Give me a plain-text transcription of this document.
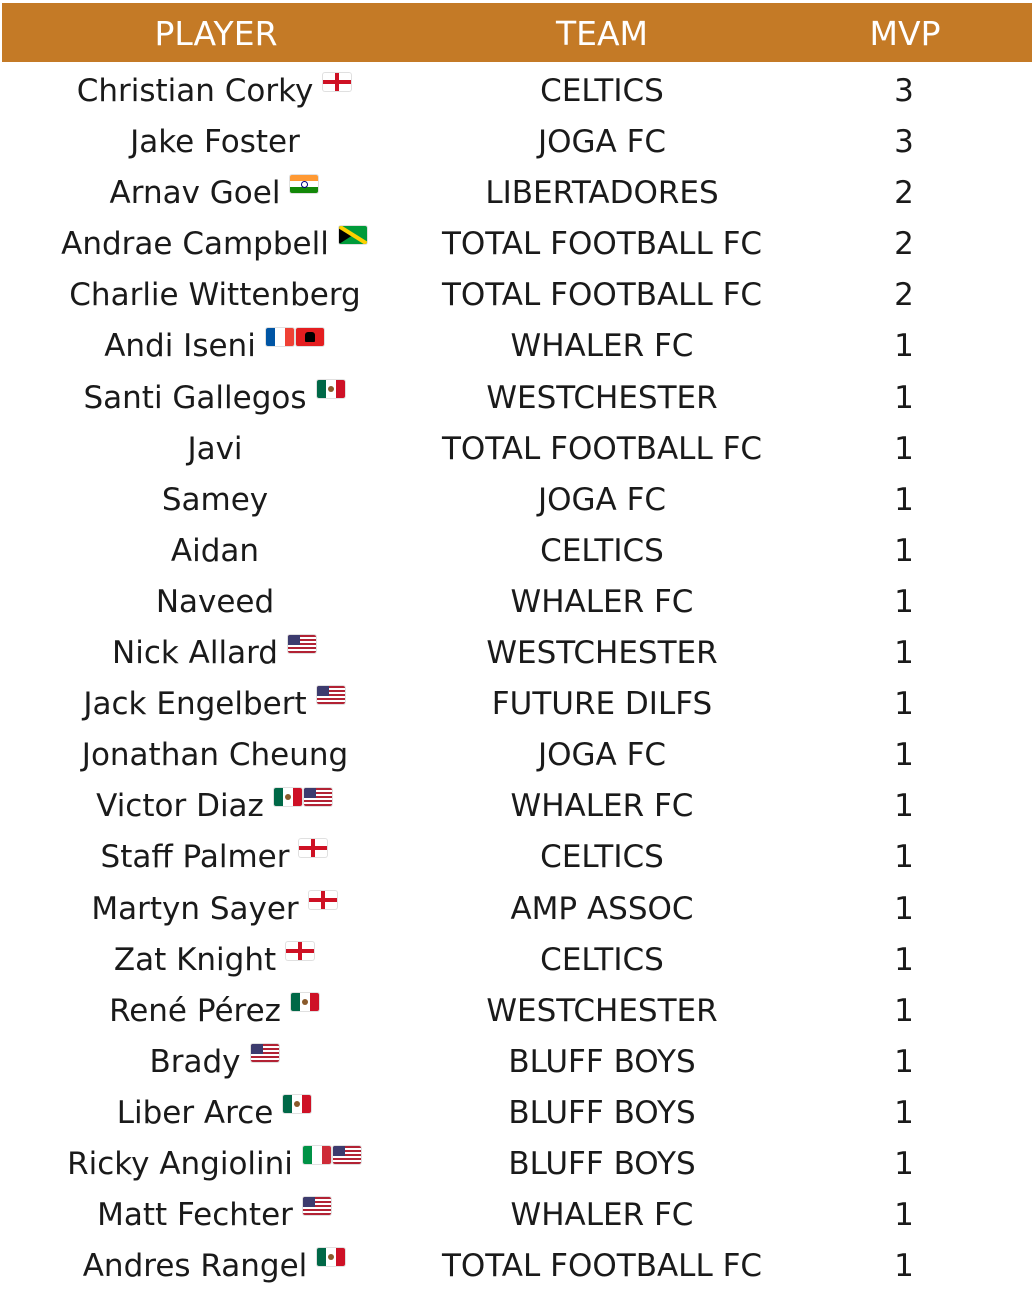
PLAYER	TEAM	MVP
Christian Corky	CELTICS	3
Jake Foster	JOGA FC	3
Arnav Goel	LIBERTADORES	2
Andrae Campbell	TOTAL FOOTBALL FC	2
Charlie Wittenberg	TOTAL FOOTBALL FC	2
Andi Iseni	WHALER FC	1
Santi Gallegos	WESTCHESTER	1
Javi	TOTAL FOOTBALL FC	1
Samey	JOGA FC	1
Aidan	CELTICS	1
Naveed	WHALER FC	1
Nick Allard	WESTCHESTER	1
Jack Engelbert	FUTURE DILFS	1
Jonathan Cheung	JOGA FC	1
Victor Diaz	WHALER FC	1
Staff Palmer	CELTICS	1
Martyn Sayer	AMP ASSOC	1
Zat Knight	CELTICS	1
René Pérez	WESTCHESTER	1
Brady	BLUFF BOYS	1
Liber Arce	BLUFF BOYS	1
Ricky Angiolini	BLUFF BOYS	1
Matt Fechter	WHALER FC	1
Andres Rangel	TOTAL FOOTBALL FC	1
